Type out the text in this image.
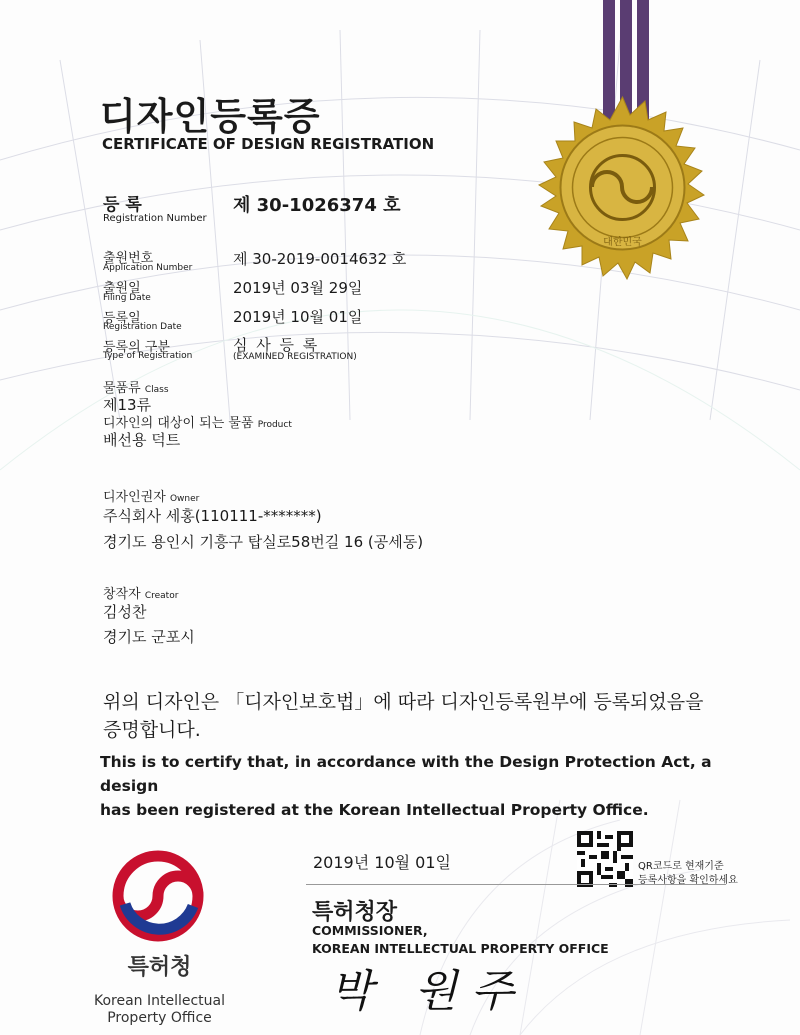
대한민국
디자인등록증
CERTIFICATE OF DESIGN REGISTRATION
등 록
Registration Number
제 30-1026374 호
출원번호
Application Number	제 30-2019-0014632 호
출원일
Filing Date
2019년 03월 29일
등록일
Registration Date
2019년 10월 01일
등록의 구분
Type of Registration
심 사 등 록
(EXAMINED REGISTRATION)
물품류 Class
제13류
디자인의 대상이 되는 물품 Product
배선용 덕트
디자인권자 Owner
주식회사 세홍(110111-*******)
경기도 용인시 기흥구 탑실로58번길 16 (공세동)
창작자 Creator
김성찬
경기도 군포시
위의 디자인은 「디자인보호법」에 따라 디자인등록원부에 등록되었음을
증명합니다.
This is to certify that, in accordance with the Design Protection Act, a design
has been registered at the Korean Intellectual Property Office.
2019년 10월 01일	QR코드로 현재기준
등록사항을 확인하세요
특허청장
COMMISSIONER,
KOREAN INTELLECTUAL PROPERTY OFFICE
박 원주
특허청
Korean Intellectual
Property Office
